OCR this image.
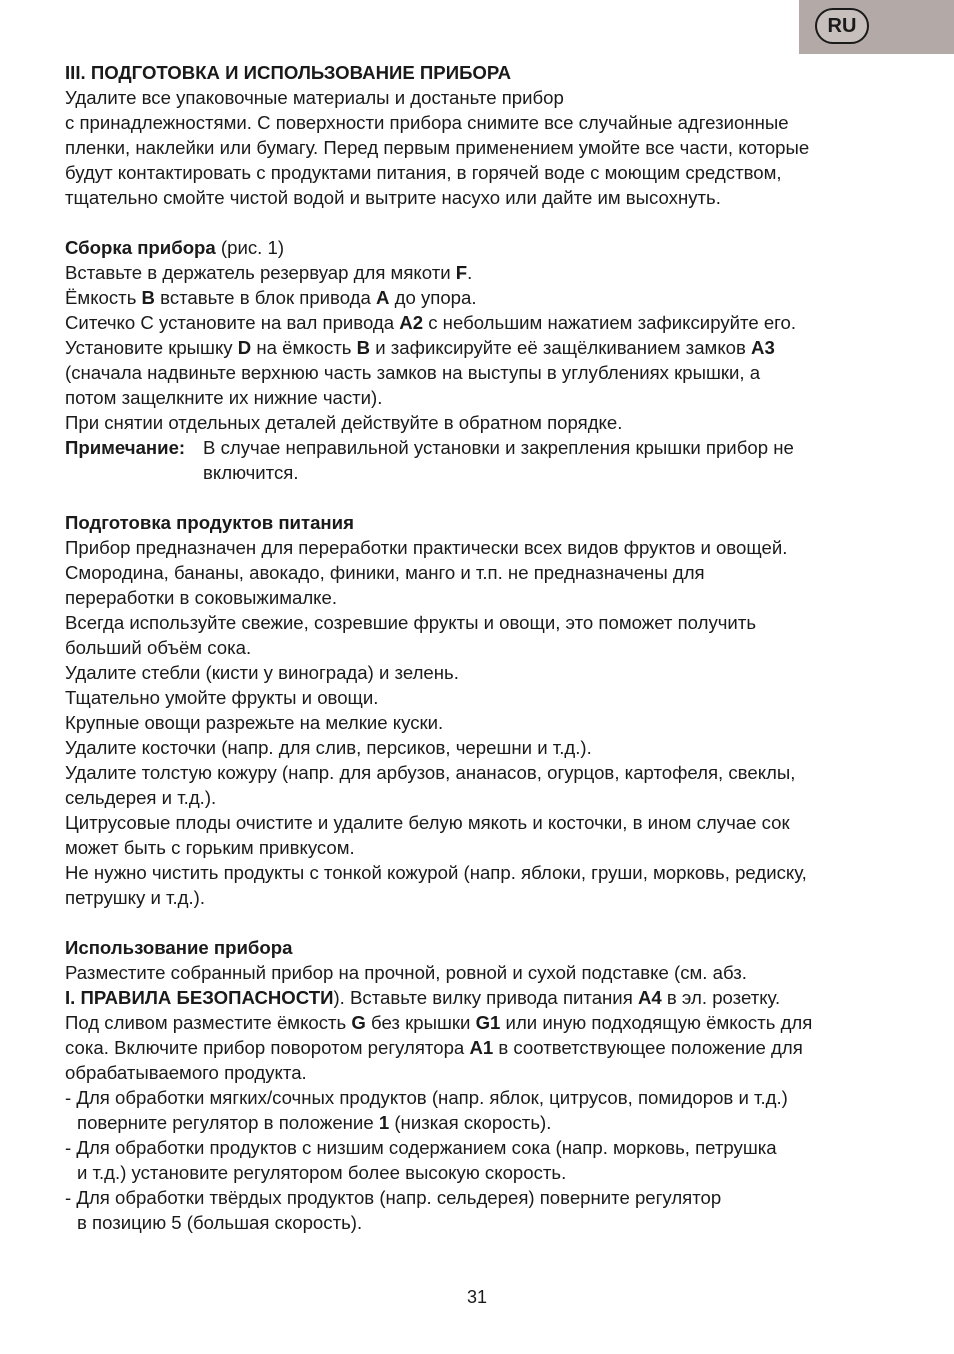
RU
III. ПОДГОТОВКА И ИСПОЛЬЗОВАНИЕ ПРИБОРА
Удалите все упаковочные материалы и достаньте прибор
с принадлежностями. С поверхности прибора снимите все случайные адгезионные
пленки, наклейки или бумагу. Перед первым применением умойте все части, которые
будут контактировать с продуктами питания, в горячей воде с моющим средством,
тщательно смойте чистой водой и вытрите насухо или дайте им высохнуть.
Сборка прибора (рис. 1)
Вставьте в держатель резервуар для мякоти F.
Ёмкость B вставьте в блок привода A до упора.
Ситечко С установите на вал привода A2 с небольшим нажатием зафиксируйте его.
Установите крышку D на ёмкость B и зафиксируйте её защёлкиванием замков A3
(сначала надвиньте верхнюю часть замков на выступы в углублениях крышки, а
потом защелкните их нижние части).
При снятии отдельных деталей действуйте в обратном порядке.
Примечание: В случае неправильной установки и закрепления крышки прибор не
включится.
Подготовка продуктов питания
Прибор предназначен для переработки практически всех видов фруктов и овощей.
Смородина, бананы, авокадо, финики, манго и т.п. не предназначены для
переработки в соковыжималке.
Всегда используйте свежие, созревшие фрукты и овощи, это поможет получить
больший объём сока.
Удалите стебли (кисти у винограда) и зелень.
Тщательно умойте фрукты и овощи.
Крупные овощи разрежьте на мелкие куски.
Удалите косточки (напр. для слив, персиков, черешни и т.д.).
Удалите толстую кожуру (напр. для арбузов, ананасов, огурцов, картофеля, свеклы,
сельдерея и т.д.).
Цитрусовые плоды очистите и удалите белую мякоть и косточки, в ином случае сок
может быть с горьким привкусом.
Не нужно чистить продукты с тонкой кожурой (напр. яблоки, груши, морковь, редиску,
петрушку и т.д.).
Использование прибора
Разместите собранный прибор на прочной, ровной и сухой подставке (см. абз.
I. ПРАВИЛА БЕЗОПАСНОСТИ). Вставьте вилку привода питания A4 в эл. розетку.
Под сливом разместите ёмкость G без крышки G1 или иную подходящую ёмкость для
сока. Включите прибор поворотом регулятора A1 в соответствующее положение для
обрабатываемого продукта.
- Для обработки мягких/сочных продуктов (напр. яблок, цитрусов, помидоров и т.д.)
поверните регулятор в положение 1 (низкая скорость).
- Для обработки продуктов с низшим содержанием сока (напр. морковь, петрушка
и т.д.) установите регулятором более высокую скорость.
- Для обработки твёрдых продуктов (напр. сельдерея) поверните регулятор
в позицию 5 (большая скорость).
31
